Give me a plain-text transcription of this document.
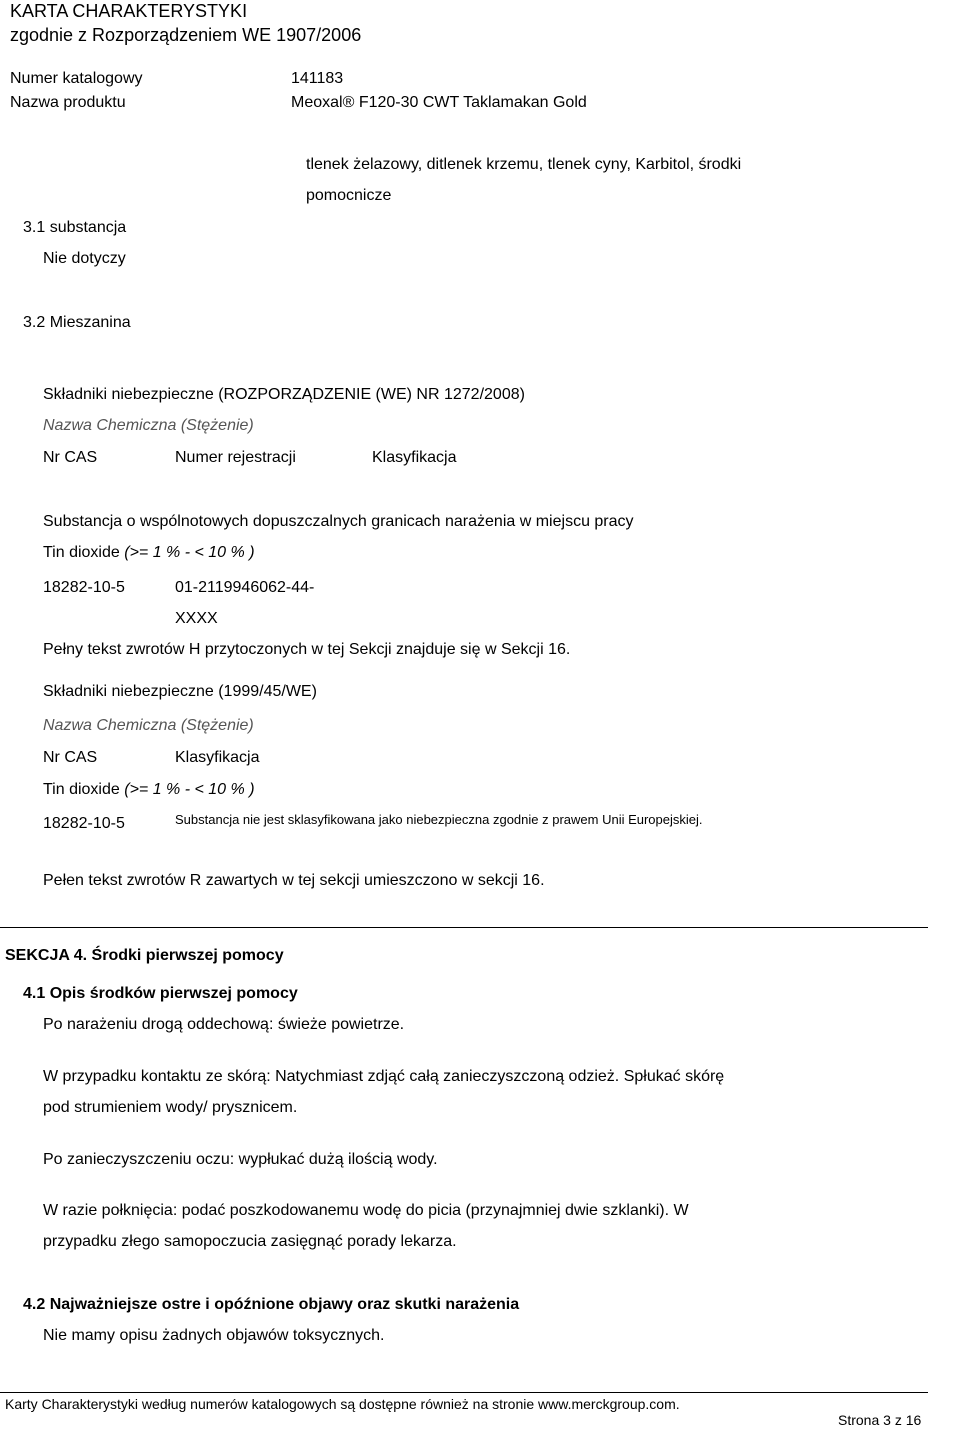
KARTA CHARAKTERYSTYKI
zgodnie z Rozporządzeniem WE 1907/2006
Numer katalogowy	141183
Nazwa produktu	Meoxal® F120-30 CWT Taklamakan Gold
tlenek żelazowy, ditlenek krzemu, tlenek cyny, Karbitol, środki
pomocnicze
3.1 substancja
Nie dotyczy
3.2 Mieszanina
Składniki niebezpieczne (ROZPORZĄDZENIE (WE) NR 1272/2008)
Nazwa Chemiczna (Stężenie)
Nr CAS	Numer rejestracji	Klasyfikacja
Substancja o wspólnotowych dopuszczalnych granicach narażenia w miejscu pracy
Tin dioxide (>= 1 % - < 10 % )
18282-10-5	01-2119946062-44-
XXXX
Pełny tekst zwrotów H przytoczonych w tej Sekcji znajduje się w Sekcji 16.
Składniki niebezpieczne (1999/45/WE)
Nazwa Chemiczna (Stężenie)
Nr CAS	Klasyfikacja
Tin dioxide (>= 1 % - < 10 % )
18282-10-5	Substancja nie jest sklasyfikowana jako niebezpieczna zgodnie z prawem Unii Europejskiej.
Pełen tekst zwrotów R zawartych w tej sekcji umieszczono w sekcji 16.
SEKCJA 4. Środki pierwszej pomocy
4.1 Opis środków pierwszej pomocy
Po narażeniu drogą oddechową: świeże powietrze.
W przypadku kontaktu ze skórą: Natychmiast zdjąć całą zanieczyszczoną odzież. Spłukać skórę
pod strumieniem wody/ prysznicem.
Po zanieczyszczeniu oczu: wypłukać dużą ilością wody.
W razie połknięcia: podać poszkodowanemu wodę do picia (przynajmniej dwie szklanki). W
przypadku złego samopoczucia zasięgnąć porady lekarza.
4.2 Najważniejsze ostre i opóźnione objawy oraz skutki narażenia
Nie mamy opisu żadnych objawów toksycznych.
Karty Charakterystyki według numerów katalogowych są dostępne również na stronie www.merckgroup.com.
Strona 3 z 16
